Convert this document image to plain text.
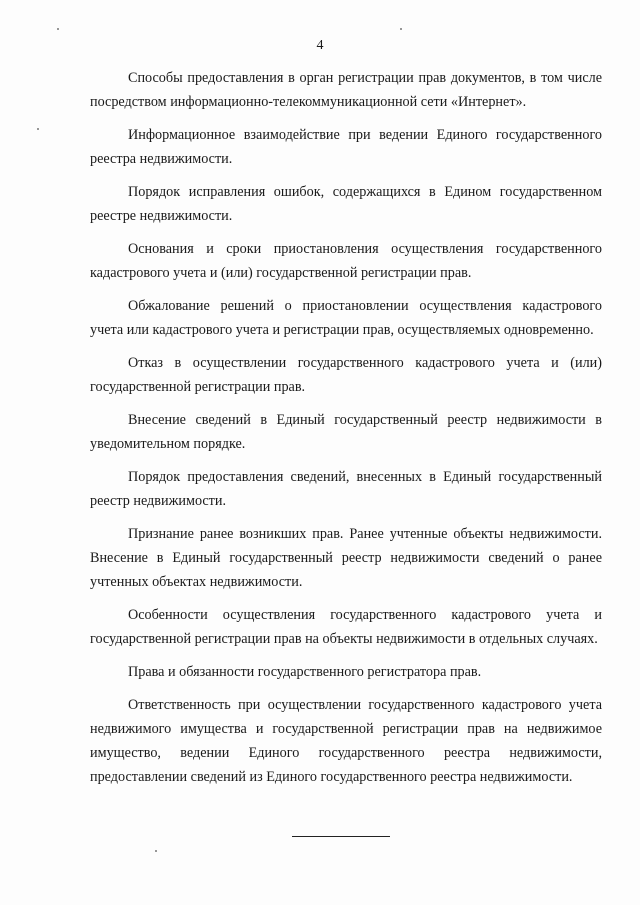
4

Способы предоставления в орган регистрации прав документов, в том числе посредством информационно-телекоммуникационной сети «Интернет».

Информационное взаимодействие при ведении Единого государственного реестра недвижимости.

Порядок исправления ошибок, содержащихся в Едином государственном реестре недвижимости.

Основания и сроки приостановления осуществления государственного кадастрового учета и (или) государственной регистрации прав.

Обжалование решений о приостановлении осуществления кадастрового учета или кадастрового учета и регистрации прав, осуществляемых одновременно.

Отказ в осуществлении государственного кадастрового учета и (или) государственной регистрации прав.

Внесение сведений в Единый государственный реестр недвижимости в уведомительном порядке.

Порядок предоставления сведений, внесенных в Единый государственный реестр недвижимости.

Признание ранее возникших прав. Ранее учтенные объекты недвижимости. Внесение в Единый государственный реестр недвижимости сведений о ранее учтенных объектах недвижимости.

Особенности осуществления государственного кадастрового учета и государственной регистрации прав на объекты недвижимости в отдельных случаях.

Права и обязанности государственного регистратора прав.

Ответственность при осуществлении государственного кадастрового учета недвижимого имущества и государственной регистрации прав на недвижимое имущество, ведении Единого государственного реестра недвижимости, предоставлении сведений из Единого государственного реестра недвижимости.
